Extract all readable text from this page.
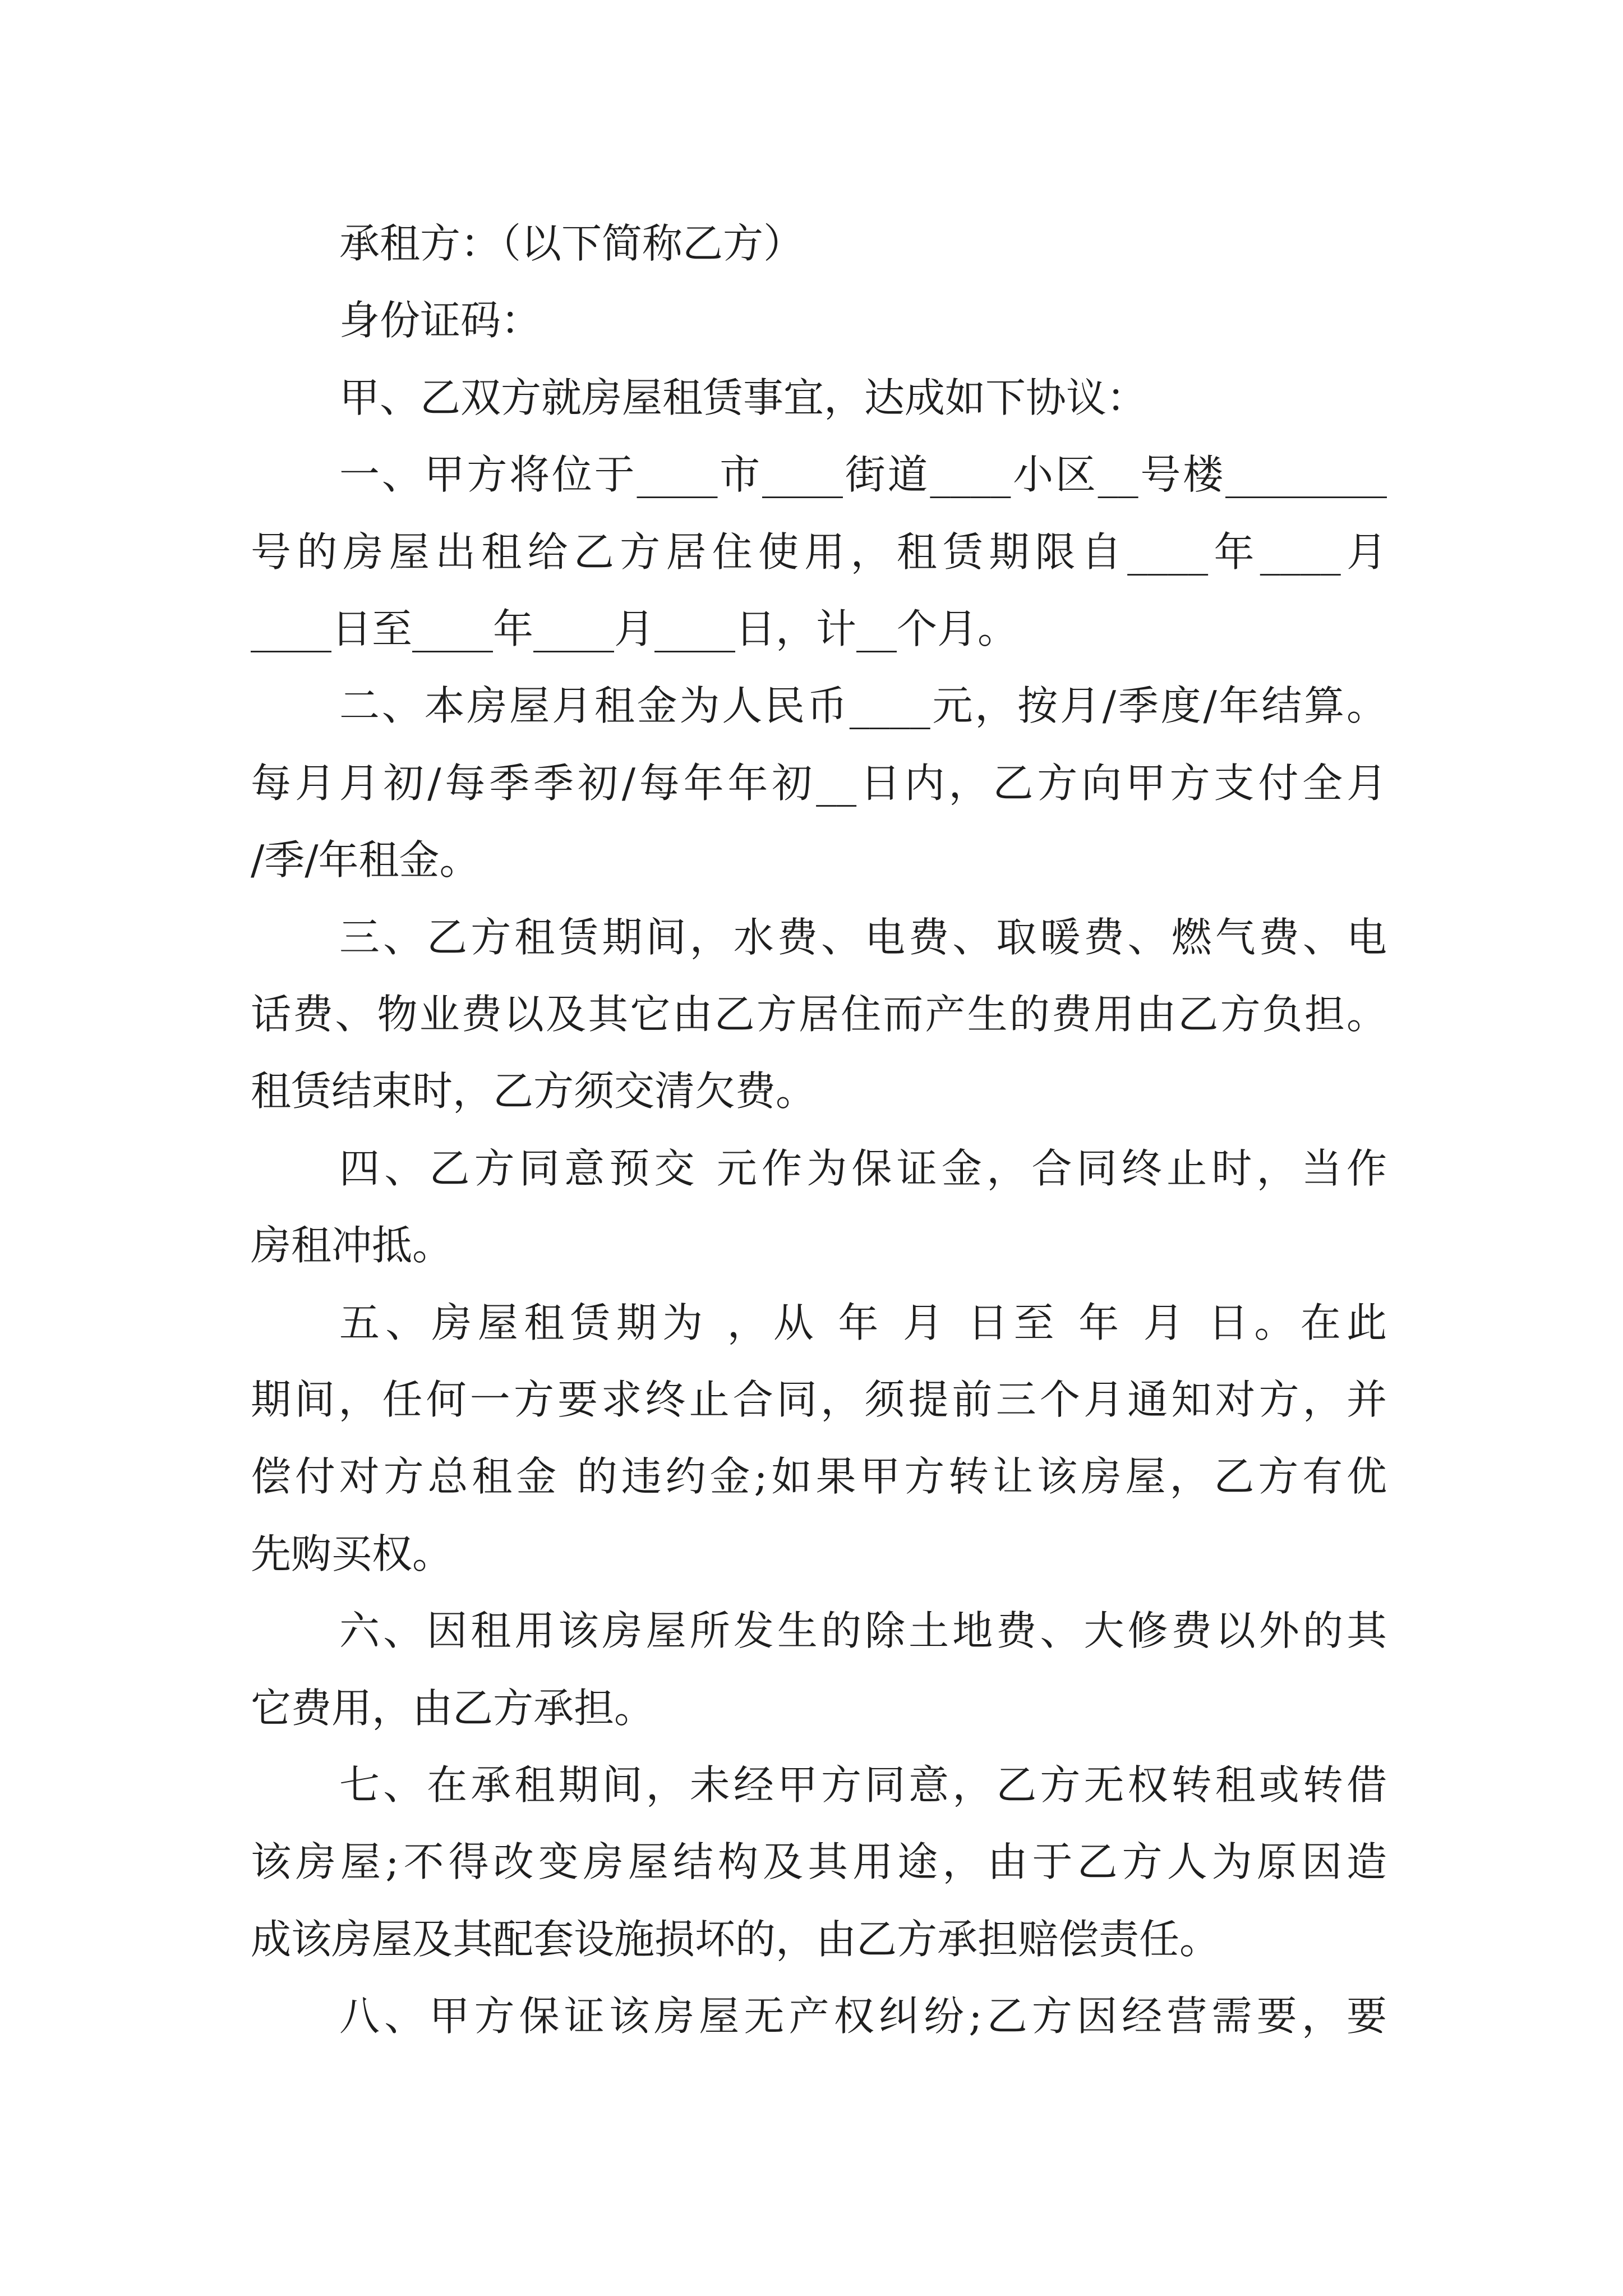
承租方：（以下简称乙方）
身份证码：
甲、乙双方就房屋租赁事宜，达成如下协议：
一、甲方将位于____市____街道____小区__号楼________
号的房屋出租给乙方居住使用，租赁期限自____年____月
____日至____年____月____日，计__个月。
二、本房屋月租金为人民币____元，按月/季度/年结算。
每月月初/每季季初/每年年初__日内，乙方向甲方支付全月
/季/年租金。
三、乙方租赁期间，水费、电费、取暖费、燃气费、电
话费、物业费以及其它由乙方居住而产生的费用由乙方负担。
租赁结束时，乙方须交清欠费。
四、乙方同意预交 元作为保证金，合同终止时，当作
房租冲抵。
五、房屋租赁期为 ，从 年 月 日至 年 月 日。在此
期间，任何一方要求终止合同，须提前三个月通知对方，并
偿付对方总租金 的违约金;如果甲方转让该房屋，乙方有优
先购买权。
六、因租用该房屋所发生的除土地费、大修费以外的其
它费用，由乙方承担。
七、在承租期间，未经甲方同意，乙方无权转租或转借
该房屋;不得改变房屋结构及其用途，由于乙方人为原因造
成该房屋及其配套设施损坏的，由乙方承担赔偿责任。
八、甲方保证该房屋无产权纠纷;乙方因经营需要，要
